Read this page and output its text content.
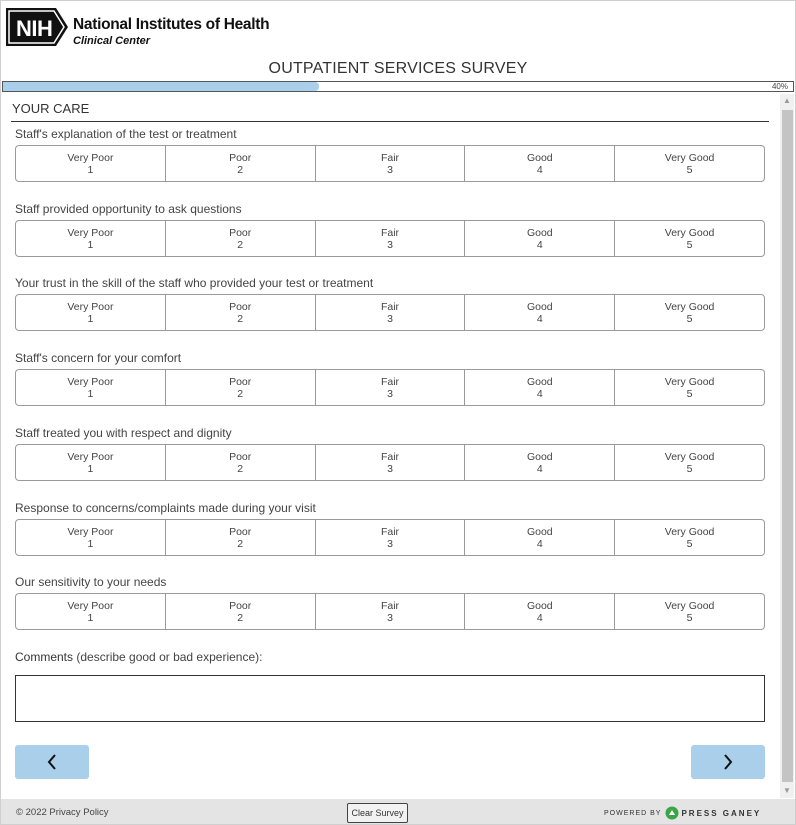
NIH National Institutes of Health
Clinical Center
OUTPATIENT SERVICES SURVEY
40%
▲
▼
YOUR CARE
Staff's explanation of the test or treatment
Very Poor
1
Poor
2
Fair
3
Good
4
Very Good
5
Staff provided opportunity to ask questions
Very Poor
1
Poor
2
Fair
3
Good
4
Very Good
5
Your trust in the skill of the staff who provided your test or treatment
Very Poor
1
Poor
2
Fair
3
Good
4
Very Good
5
Staff's concern for your comfort
Very Poor
1
Poor
2
Fair
3
Good
4
Very Good
5
Staff treated you with respect and dignity
Very Poor
1
Poor
2
Fair
3
Good
4
Very Good
5
Response to concerns/complaints made during your visit
Very Poor
1
Poor
2
Fair
3
Good
4
Very Good
5
Our sensitivity to your needs
Very Poor
1
Poor
2
Fair
3
Good
4
Very Good
5
Comments (describe good or bad experience):
© 2022 Privacy Policy	Clear Survey	POWERED BY	PRESS GANEY
